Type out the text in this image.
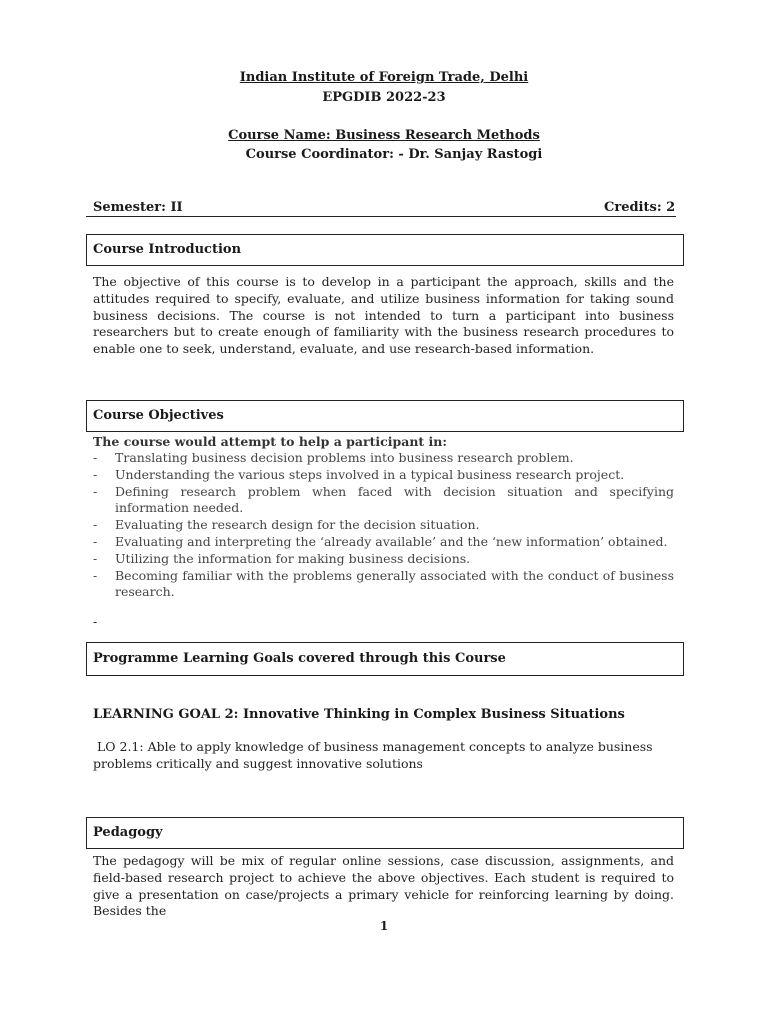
Indian Institute of Foreign Trade, Delhi
EPGDIB 2022-23
Course Name: Business Research Methods
Course Coordinator: - Dr. Sanjay Rastogi
Semester: II	Credits: 2
Course Introduction
The objective of this course is to develop in a participant the approach, skills and the attitudes required to specify, evaluate, and utilize business information for taking sound business decisions. The course is not intended to turn a participant into business researchers but to create enough of familiarity with the business research procedures to enable one to seek, understand, evaluate, and use research-based information.
Course Objectives
The course would attempt to help a participant in:
- Translating business decision problems into business research problem.
- Understanding the various steps involved in a typical business research project.
- Defining research problem when faced with decision situation and specifying information needed.
- Evaluating the research design for the decision situation.
- Evaluating and interpreting the ‘already available’ and the ‘new information’ obtained.
- Utilizing the information for making business decisions.
- Becoming familiar with the problems generally associated with the conduct of business research.
-
Programme Learning Goals covered through this Course
LEARNING GOAL 2: Innovative Thinking in Complex Business Situations
LO 2.1: Able to apply knowledge of business management concepts to analyze business problems critically and suggest innovative solutions
Pedagogy
The pedagogy will be mix of regular online sessions, case discussion, assignments, and field-based research project to achieve the above objectives. Each student is required to give a presentation on case/projects a primary vehicle for reinforcing learning by doing. Besides the
1
